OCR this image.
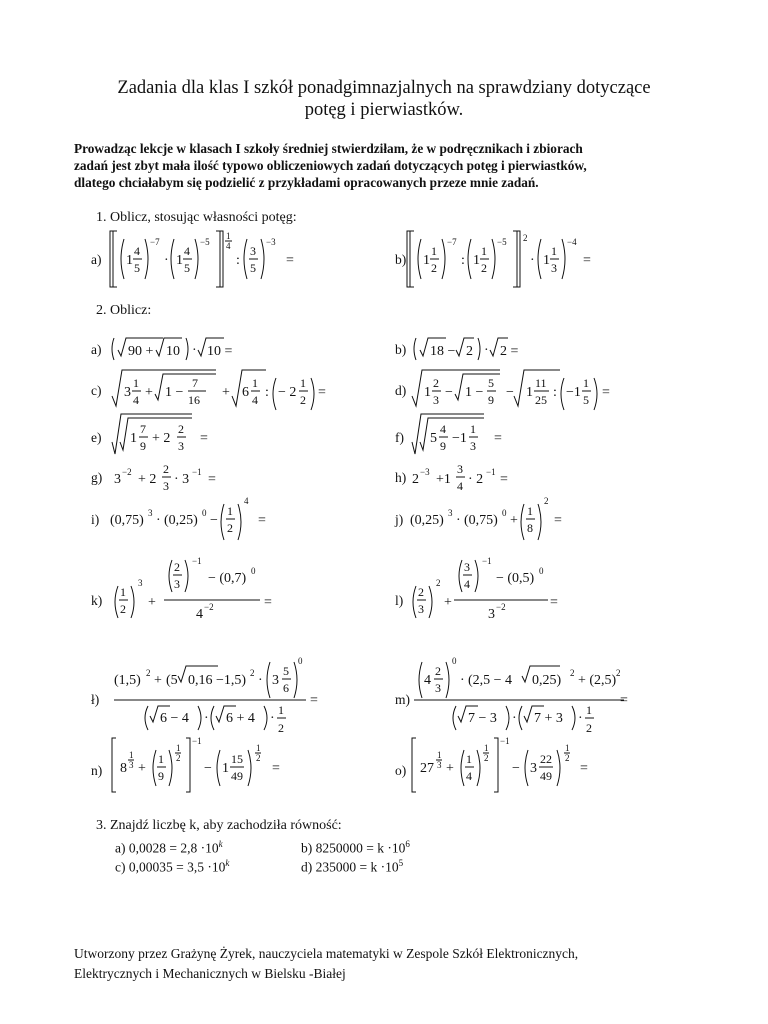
Zadania dla klas I szkół ponadgimnazjalnych na sprawdziany dotyczące
potęg i pierwiastków.
Prowadząc lekcje w klasach I szkoły średniej stwierdziłam, że w podręcznikach i zbiorach
zadań jest zbyt mała ilość typowo obliczeniowych zadań dotyczących potęg i pierwiastków,
dlatego chciałabym się podzielić z przykładami opracowanych przeze mnie zadań.
1. Oblicz, stosując własności potęg:
a) 1
4
5
−7
· 1
4
5
−5
1
4
:
3
5
−3
=	b) 1
1
2
−7
: 1
1
2
−5 2
· 1
1
3
−4
=
2. Oblicz:
a) 90 + 10 · 10 =	b) 18 − 2 · 2 =
c) 3
1
4 + 1 −
7
16 + 6
1
4 : − 2
1
2 =	d) 1
2
3 − 1 −
5
9 − 1
11
25 : −1
1
5 =
e) 1
7
9 + 2
2
3 =	f) 5
4
9 −1
1
3 =
g) 3 −2 + 2
2
3 · 3 −1 =	h) 2 −3 +1
3
4 · 2 −1 =
i) (0,75) 3 · (0,25) 0 −
1
2
4
=	j) (0,25) 3 · (0,75) 0 +
1
8
2
=
k)
1
2
3
+
2
3
−1
− (0,7) 0
4 −2	=	l)
2
3
2
+
3
4
−1
− (0,5) 0
3 −2	=
ł)
(1,5) 2 + (5 0,16 −1,5) 2 · 3
5
6
0
6 − 4 · 6 + 4 ·
1
2
=	m)
4
2
3
0
· (2,5 − 4 0,25) 2 + (2,5) 2
7 − 3 · 7 + 3 ·
1
2
=
n) 8
1
3 +
1
9
1
2
−1
− 1
15
49
1
2
=	o) 27
1
3 +
1
4
1
2
−1
− 3
22
49
1
2
=
3. Znajdź liczbę k, aby zachodziła równość:
a) $0,0028 = 2,8 \cdot 10^k$	b) $8250000 = k \cdot 10^6$
c) $0,00035 = 3,5 \cdot 10^k$	d) $235000 = k \cdot 10^5$
Utworzony przez Grażynę Żyrek, nauczyciela matematyki w Zespole Szkół Elektronicznych,
Elektrycznych i Mechanicznych w Bielsku -Białej
